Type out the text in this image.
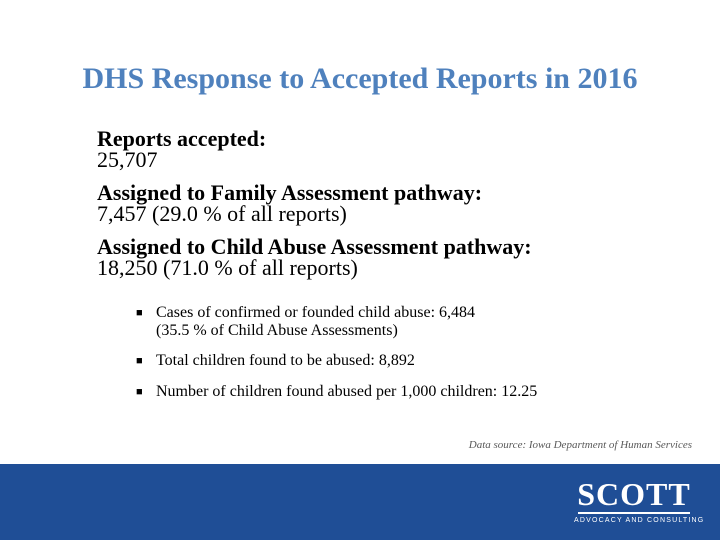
DHS Response to Accepted Reports in 2016
Reports accepted:
25,707
Assigned to Family Assessment pathway:
7,457 (29.0 % of all reports)
Assigned to Child Abuse Assessment pathway:
18,250 (71.0 % of all reports)
■ Cases of confirmed or founded child abuse: 6,484
(35.5 % of Child Abuse Assessments)
■ Total children found to be abused: 8,892
■ Number of children found abused per 1,000 children: 12.25
Data source: Iowa Department of Human Services
SCOTT
ADVOCACY AND CONSULTING
